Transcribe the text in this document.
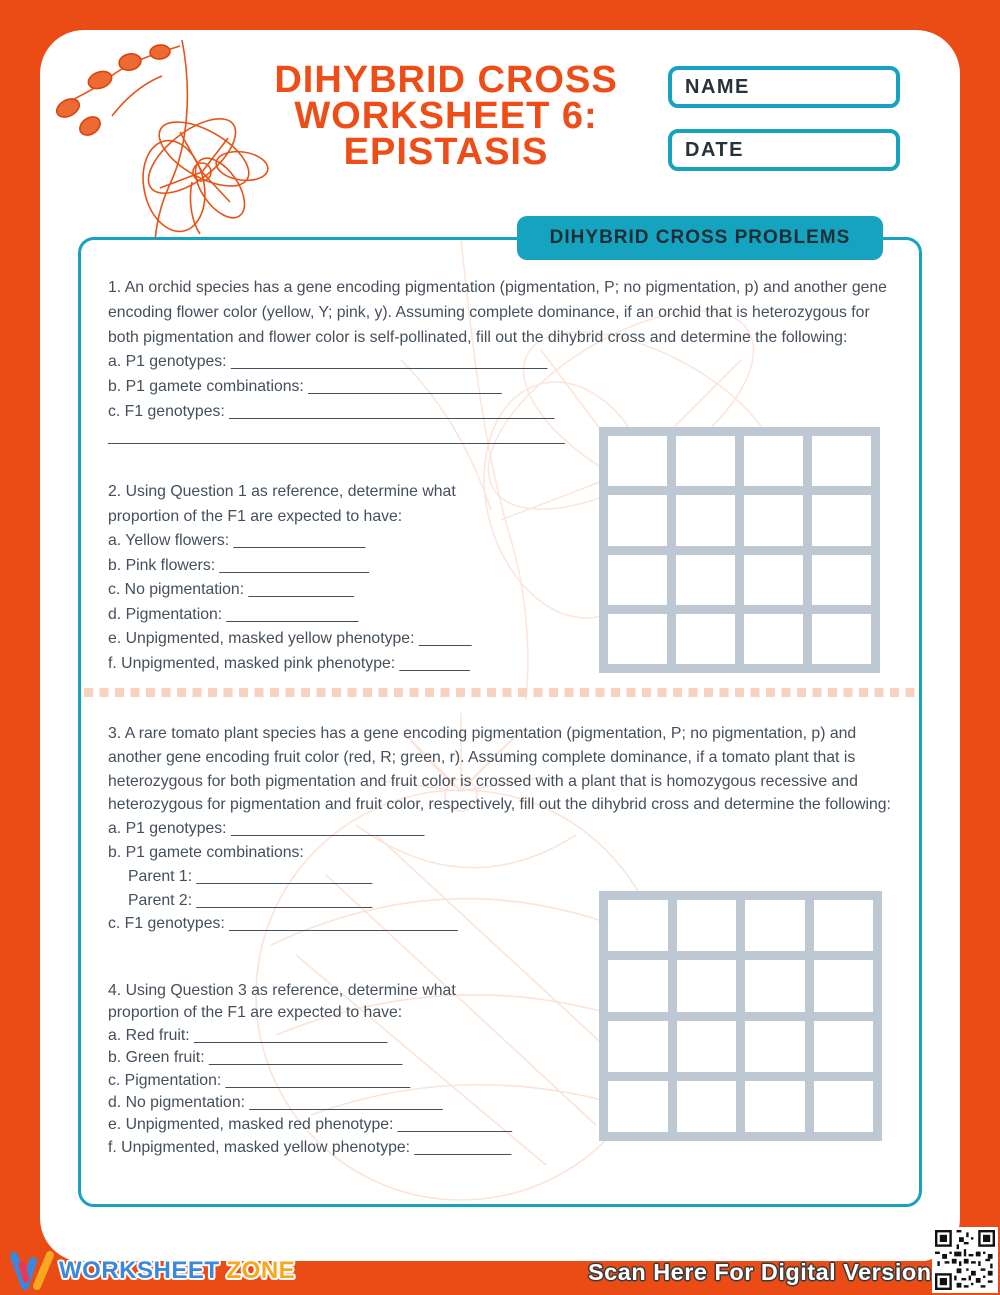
DIHYBRID CROSS
WORKSHEET 6:
EPISTASIS
NAME
DATE
DIHYBRID CROSS PROBLEMS
1. An orchid species has a gene encoding pigmentation (pigmentation, P; no pigmentation, p) and another gene encoding flower color (yellow, Y; pink, y). Assuming complete dominance, if an orchid that is heterozygous for both pigmentation and flower color is self-pollinated, fill out the dihybrid cross and determine the following:
a. P1 genotypes: ____________________________________
b. P1 gamete combinations: ______________________
c. F1 genotypes: _____________________________________
____________________________________________________
2. Using Question 1 as reference, determine what
proportion of the F1 are expected to have:
a. Yellow flowers: _______________
b. Pink flowers: _________________
c. No pigmentation: ____________
d. Pigmentation: _______________
e. Unpigmented, masked yellow phenotype: ______
f. Unpigmented, masked pink phenotype: ________
3. A rare tomato plant species has a gene encoding pigmentation (pigmentation, P; no pigmentation, p) and another gene encoding fruit color (red, R; green, r). Assuming complete dominance, if a tomato plant that is heterozygous for both pigmentation and fruit color is crossed with a plant that is homozygous recessive and heterozygous for pigmentation and fruit color, respectively, fill out the dihybrid cross and determine the following:
a. P1 genotypes: ______________________
b. P1 gamete combinations:
Parent 1: ____________________
Parent 2: ____________________
c. F1 genotypes: __________________________
4. Using Question 3 as reference, determine what
proportion of the F1 are expected to have:
a. Red fruit: ______________________
b. Green fruit: ______________________
c. Pigmentation: _____________________
d. No pigmentation: ______________________
e. Unpigmented, masked red phenotype: _____________
f. Unpigmented, masked yellow phenotype: ___________
WORKSHEET ZONE	Scan Here For Digital Version
